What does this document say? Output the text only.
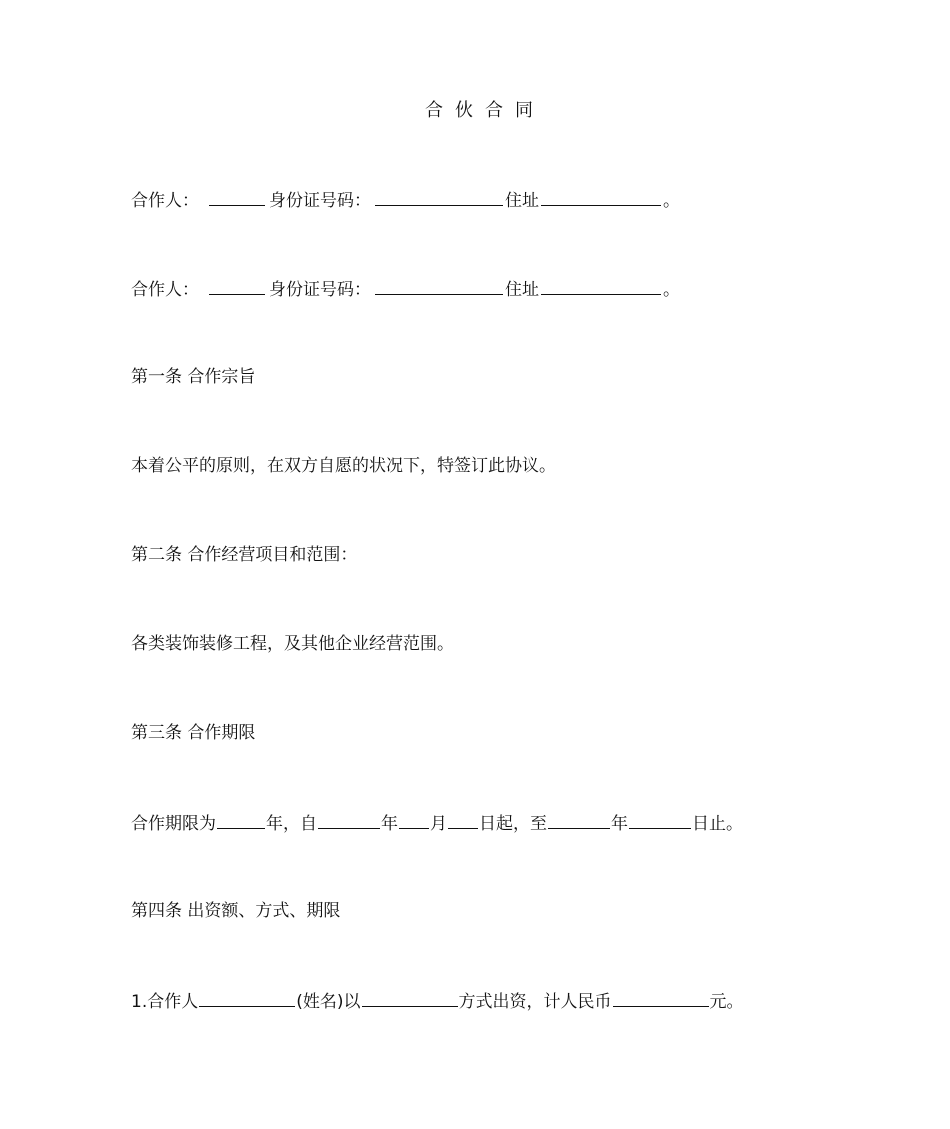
合伙合同
合作人：	身份证号码：	住址	。
合作人：	身份证号码：	住址	。
第一条 合作宗旨
本着公平的原则，在双方自愿的状况下，特签订此协议。
第二条 合作经营项目和范围：
各类装饰装修工程，及其他企业经营范围。
第三条 合作期限
合作期限为	年，自	年 月 日起，至	年	日止。
第四条 出资额、方式、期限
1.合作人	(姓名)以	方式出资，计人民币	元。
